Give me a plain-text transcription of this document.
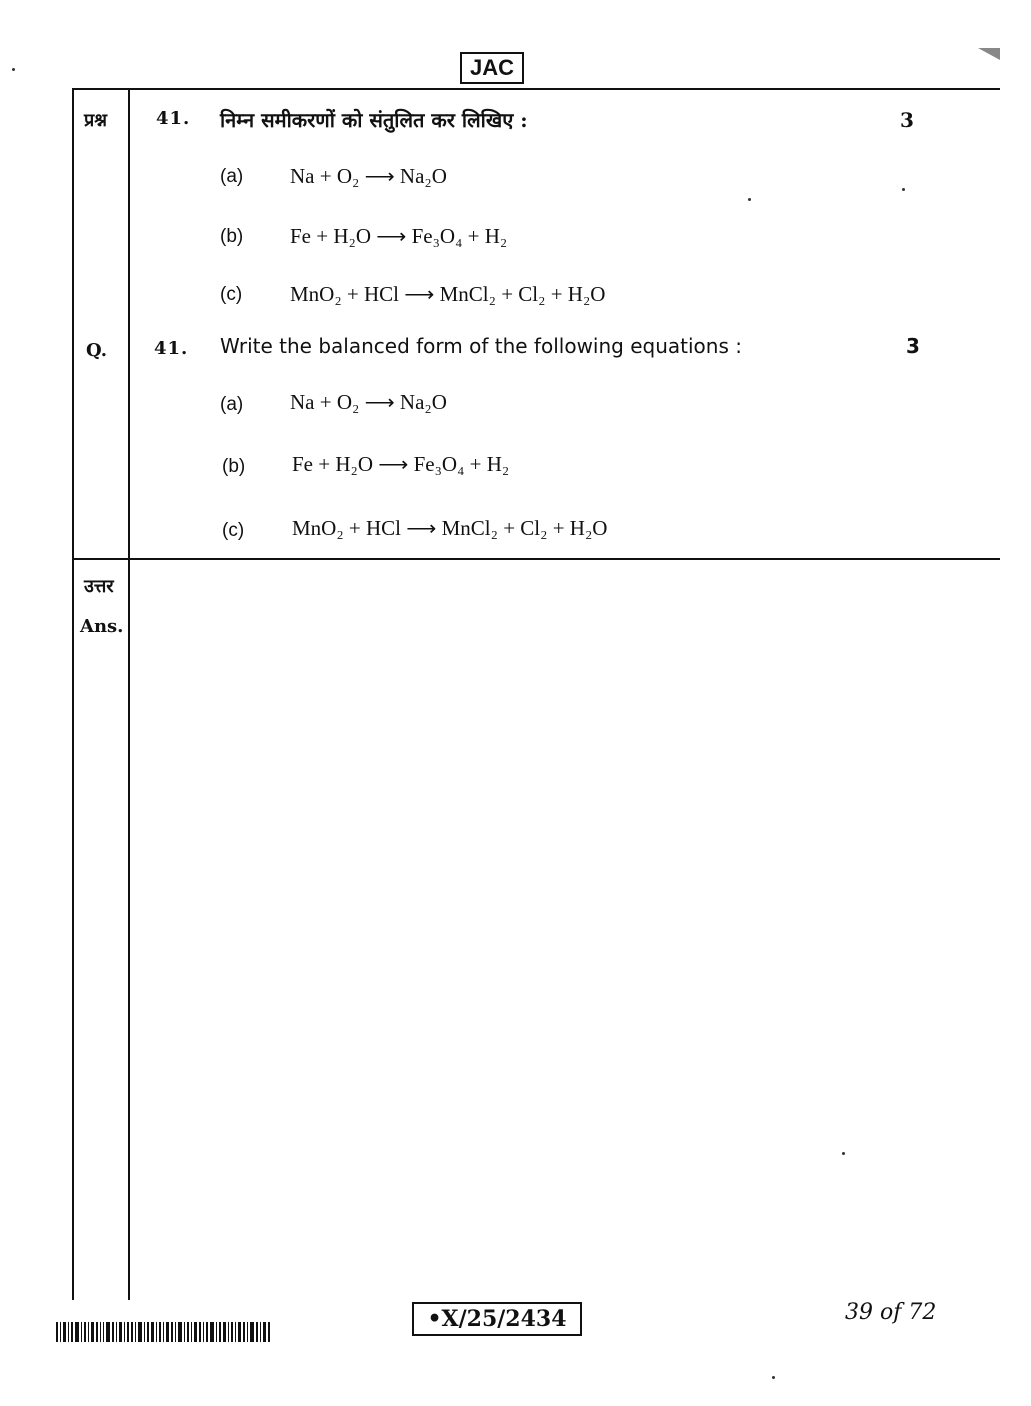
JAC
प्रश्न
Q.
उत्तर
Ans.
41. निम्न समीकरणों को संतुलित कर लिखिए :	3
(a) Na + O₂ ⟶ Na₂O
(b) Fe + H₂O ⟶ Fe₃O₄ + H₂
(c) MnO₂ + HCl ⟶ MnCl₂ + Cl₂ + H₂O
41. Write the balanced form of the following equations :	3
(a) Na + O₂ ⟶ Na₂O
(b) Fe + H₂O ⟶ Fe₃O₄ + H₂
(c) MnO₂ + HCl ⟶ MnCl₂ + Cl₂ + H₂O
•X/25/2434	39 of 72
